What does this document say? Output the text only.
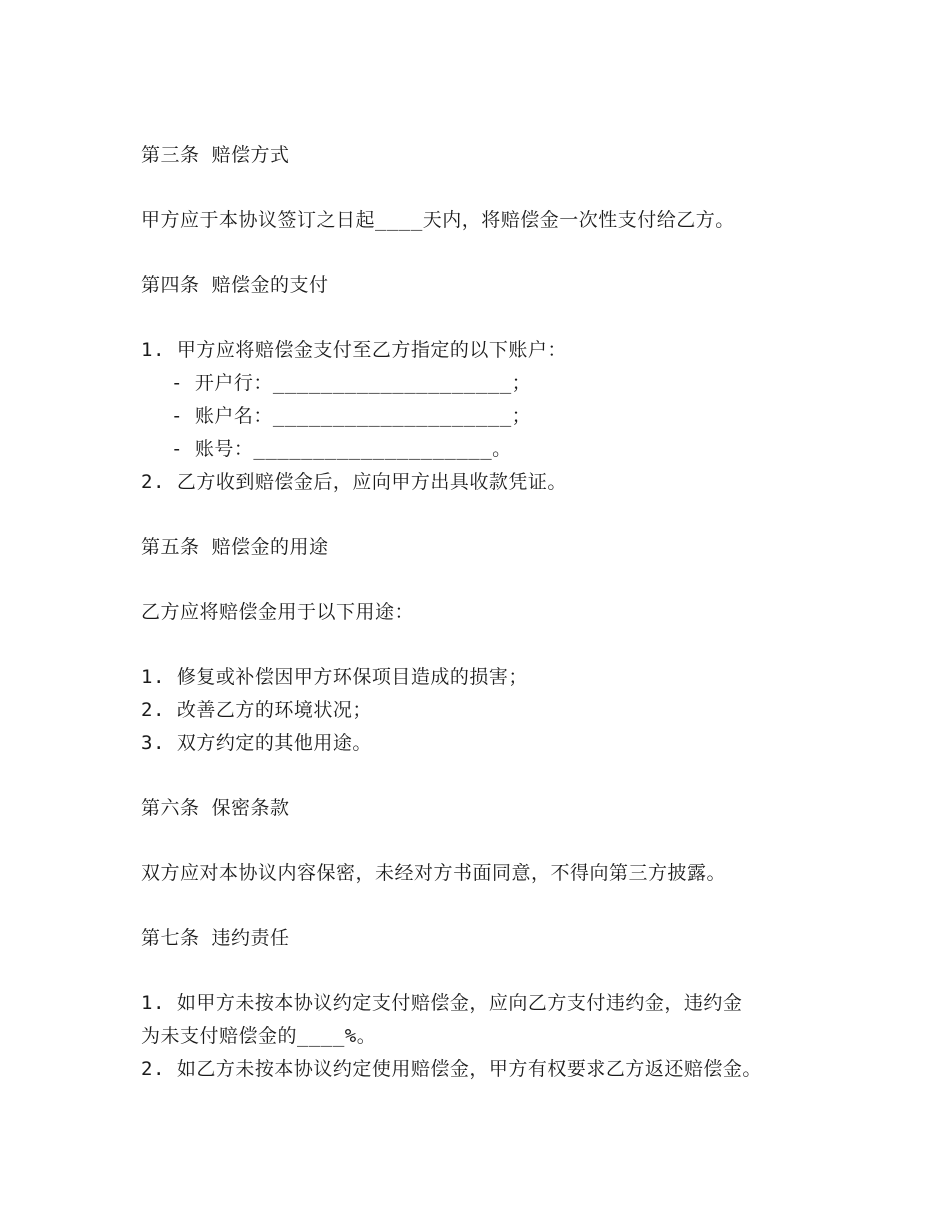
第三条 赔偿方式
甲方应于本协议签订之日起____天内，将赔偿金一次性支付给乙方。
第四条 赔偿金的支付
1. 甲方应将赔偿金支付至乙方指定的以下账户：
- 开户行：____________________；
- 账户名：____________________；
- 账号：____________________。
2. 乙方收到赔偿金后，应向甲方出具收款凭证。
第五条 赔偿金的用途
乙方应将赔偿金用于以下用途：
1. 修复或补偿因甲方环保项目造成的损害；
2. 改善乙方的环境状况；
3. 双方约定的其他用途。
第六条 保密条款
双方应对本协议内容保密，未经对方书面同意，不得向第三方披露。
第七条 违约责任
1. 如甲方未按本协议约定支付赔偿金，应向乙方支付违约金，违约金
为未支付赔偿金的____%。
2. 如乙方未按本协议约定使用赔偿金，甲方有权要求乙方返还赔偿金。
